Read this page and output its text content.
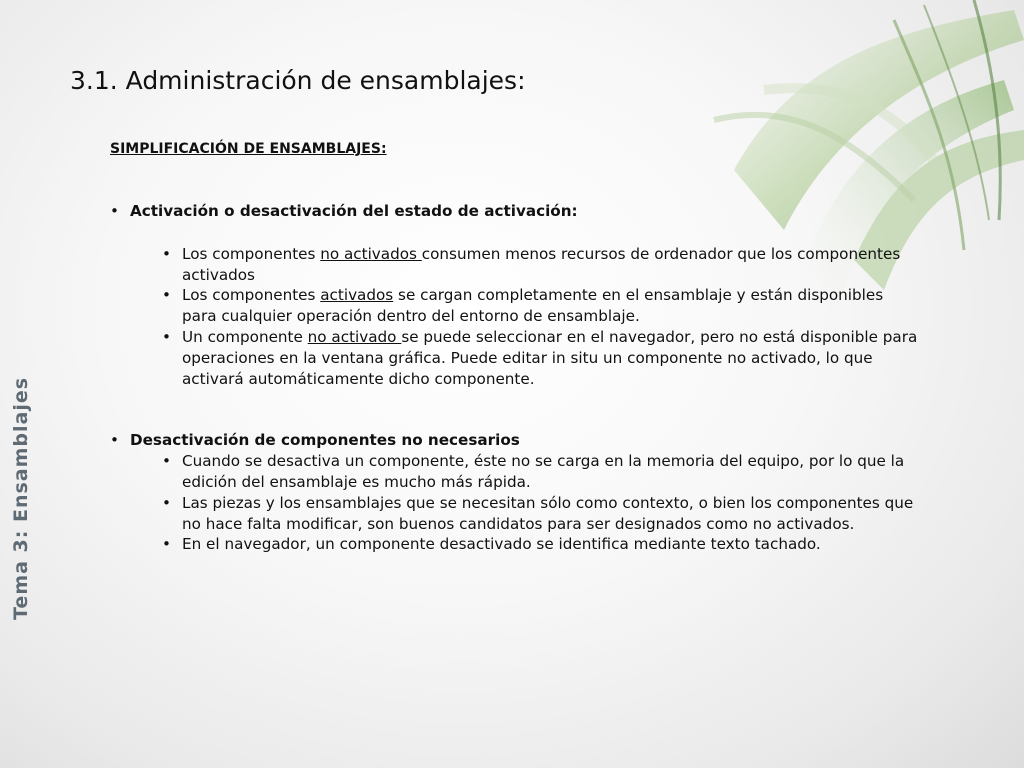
Tema 3: Ensamblajes
3.1. Administración de ensamblajes:
SIMPLIFICACIÓN DE ENSAMBLAJES:
• Activación o desactivación del estado de activación:
• Los componentes no activados consumen menos recursos de ordenador que los componentes activados
• Los componentes activados se cargan completamente en el ensamblaje y están disponibles para cualquier operación dentro del entorno de ensamblaje.
• Un componente no activado se puede seleccionar en el navegador, pero no está disponible para operaciones en la ventana gráfica. Puede editar in situ un componente no activado, lo que activará automáticamente dicho componente.
• Desactivación de componentes no necesarios
• Cuando se desactiva un componente, éste no se carga en la memoria del equipo, por lo que la edición del ensamblaje es mucho más rápida.
• Las piezas y los ensamblajes que se necesitan sólo como contexto, o bien los componentes que no hace falta modificar, son buenos candidatos para ser designados como no activados.
• En el navegador, un componente desactivado se identifica mediante texto tachado.
